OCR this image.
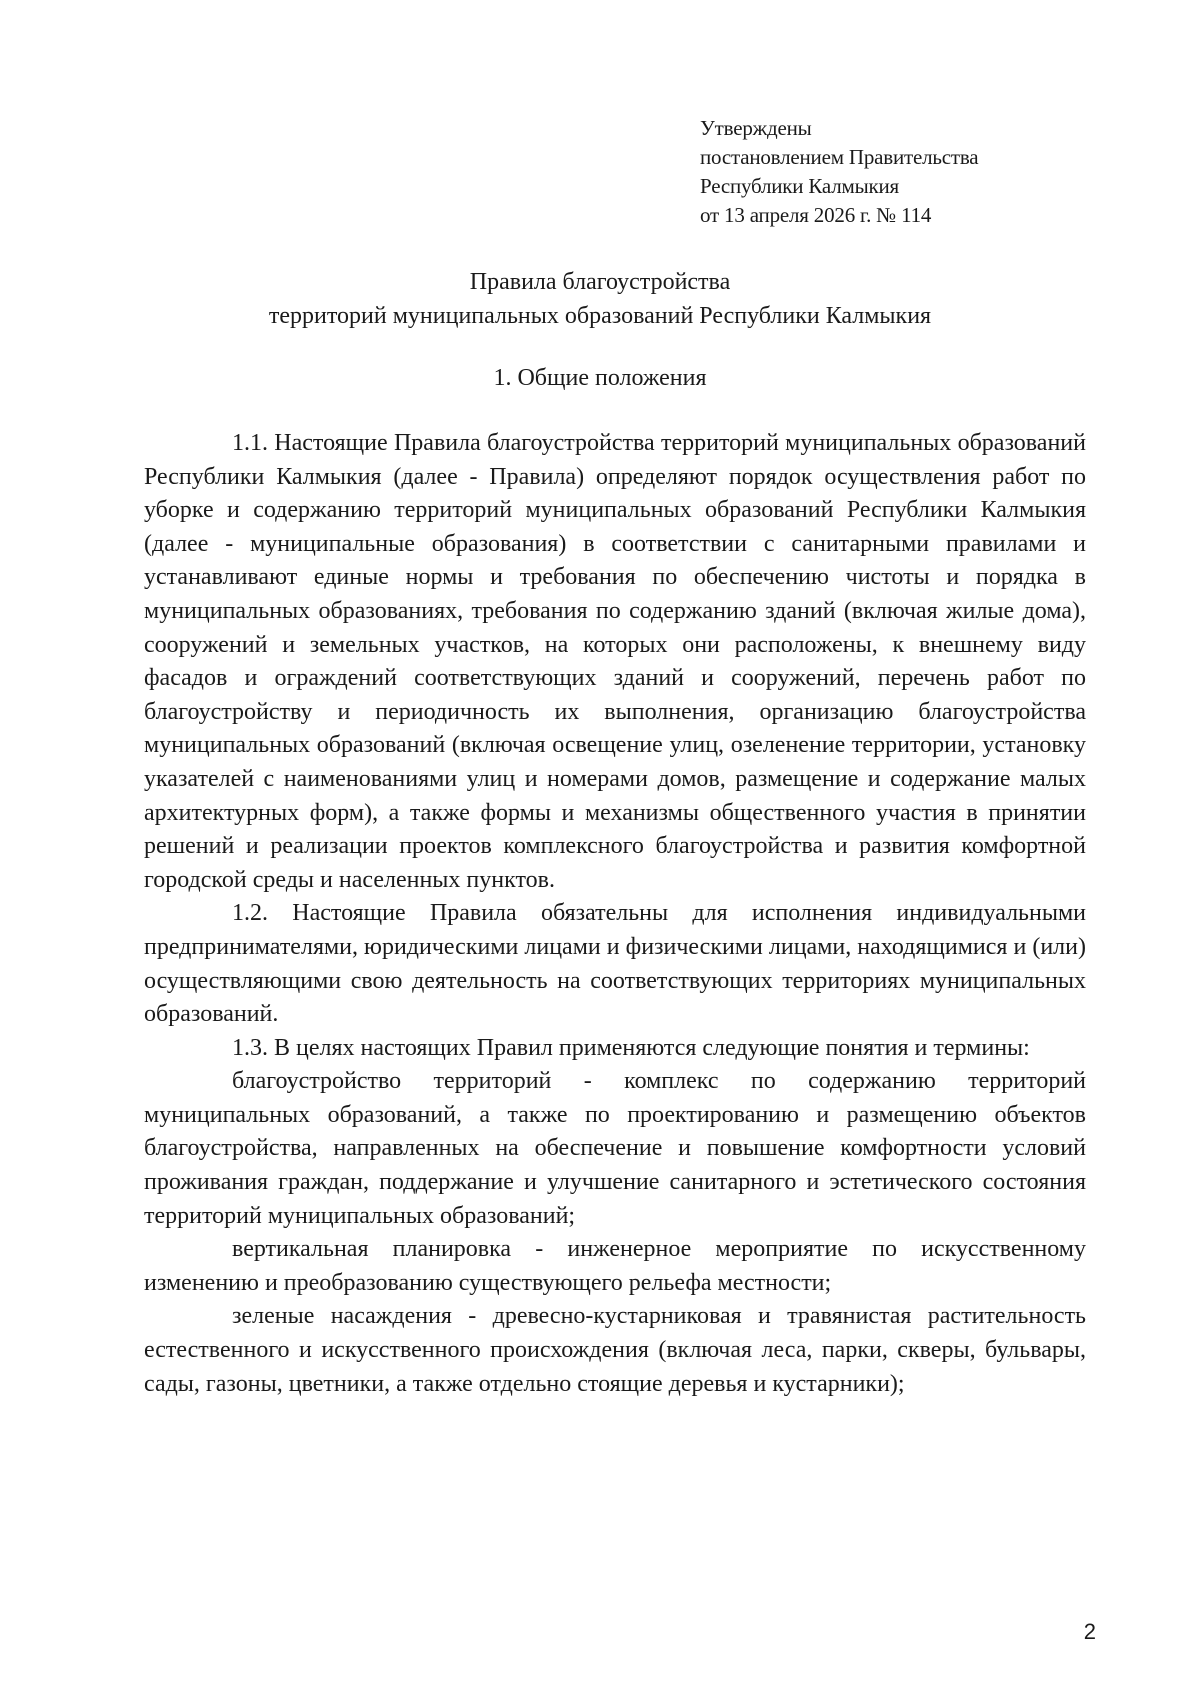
Утверждены
постановлением Правительства
Республики Калмыкия
от 13 апреля 2026 г. № 114
Правила благоустройства
территорий муниципальных образований Республики Калмыкия
1. Общие положения

1.1. Настоящие Правила благоустройства территорий муниципальных образований Республики Калмыкия (далее - Правила) определяют порядок осуществления работ по уборке и содержанию территорий муниципальных образований Республики Калмыкия (далее - муниципальные образования) в соответствии с санитарными правилами и устанавливают единые нормы и требования по обеспечению чистоты и порядка в муниципальных образованиях, требования по содержанию зданий (включая жилые дома), сооружений и земельных участков, на которых они расположены, к внешнему виду фасадов и ограждений соответствующих зданий и сооружений, перечень работ по благоустройству и периодичность их выполнения, организацию благоустройства муниципальных образований (включая освещение улиц, озеленение территории, установку указателей с наименованиями улиц и номерами домов, размещение и содержание малых архитектурных форм), а также формы и механизмы общественного участия в принятии решений и реализации проектов комплексного благоустройства и развития комфортной городской среды и населенных пунктов.

1.2. Настоящие Правила обязательны для исполнения индивидуальными предпринимателями, юридическими лицами и физическими лицами, находящимися и (или) осуществляющими свою деятельность на соответствующих территориях муниципальных образований.

1.3. В целях настоящих Правил применяются следующие понятия и термины:

благоустройство территорий - комплекс по содержанию территорий муниципальных образований, а также по проектированию и размещению объектов благоустройства, направленных на обеспечение и повышение комфортности условий проживания граждан, поддержание и улучшение санитарного и эстетического состояния территорий муниципальных образований;

вертикальная планировка - инженерное мероприятие по искусственному изменению и преобразованию существующего рельефа местности;

зеленые насаждения - древесно-кустарниковая и травянистая растительность естественного и искусственного происхождения (включая леса, парки, скверы, бульвары, сады, газоны, цветники, а также отдельно стоящие деревья и кустарники);

2
